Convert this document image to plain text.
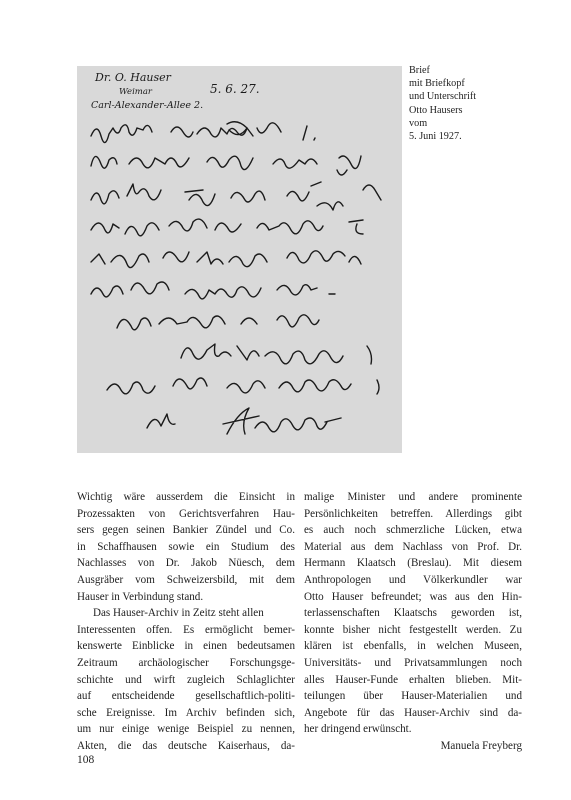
Dr. O. Hauser
Weimar
Carl-Alexander-Allee 2.
5. 6. 27.
Brief
mit Briefkopf
und Unterschrift
Otto Hausers
vom
5. Juni 1927.
Wichtig wäre ausserdem die Einsicht in
Prozessakten von Gerichtsverfahren Hau-
sers gegen seinen Bankier Zündel und Co.
in Schaffhausen sowie ein Studium des
Nachlasses von Dr. Jakob Nüesch, dem
Ausgräber vom Schweizersbild, mit dem
Hauser in Verbindung stand.
Das Hauser-Archiv in Zeitz steht allen
Interessenten offen. Es ermöglicht bemer-
kenswerte Einblicke in einen bedeutsamen
Zeitraum archäologischer Forschungsge-
schichte und wirft zugleich Schlaglichter
auf entscheidende gesellschaftlich-politi-
sche Ereignisse. Im Archiv befinden sich,
um nur einige wenige Beispiel zu nennen,
Akten, die das deutsche Kaiserhaus, da-
malige Minister und andere prominente
Persönlichkeiten betreffen. Allerdings gibt
es auch noch schmerzliche Lücken, etwa
Material aus dem Nachlass von Prof. Dr.
Hermann Klaatsch (Breslau). Mit diesem
Anthropologen und Völkerkundler war
Otto Hauser befreundet; was aus den Hin-
terlassenschaften Klaatschs geworden ist,
konnte bisher nicht festgestellt werden. Zu
klären ist ebenfalls, in welchen Museen,
Universitäts- und Privatsammlungen noch
alles Hauser-Funde erhalten blieben. Mit-
teilungen über Hauser-Materialien und
Angebote für das Hauser-Archiv sind da-
her dringend erwünscht.
Manuela Freyberg
108
